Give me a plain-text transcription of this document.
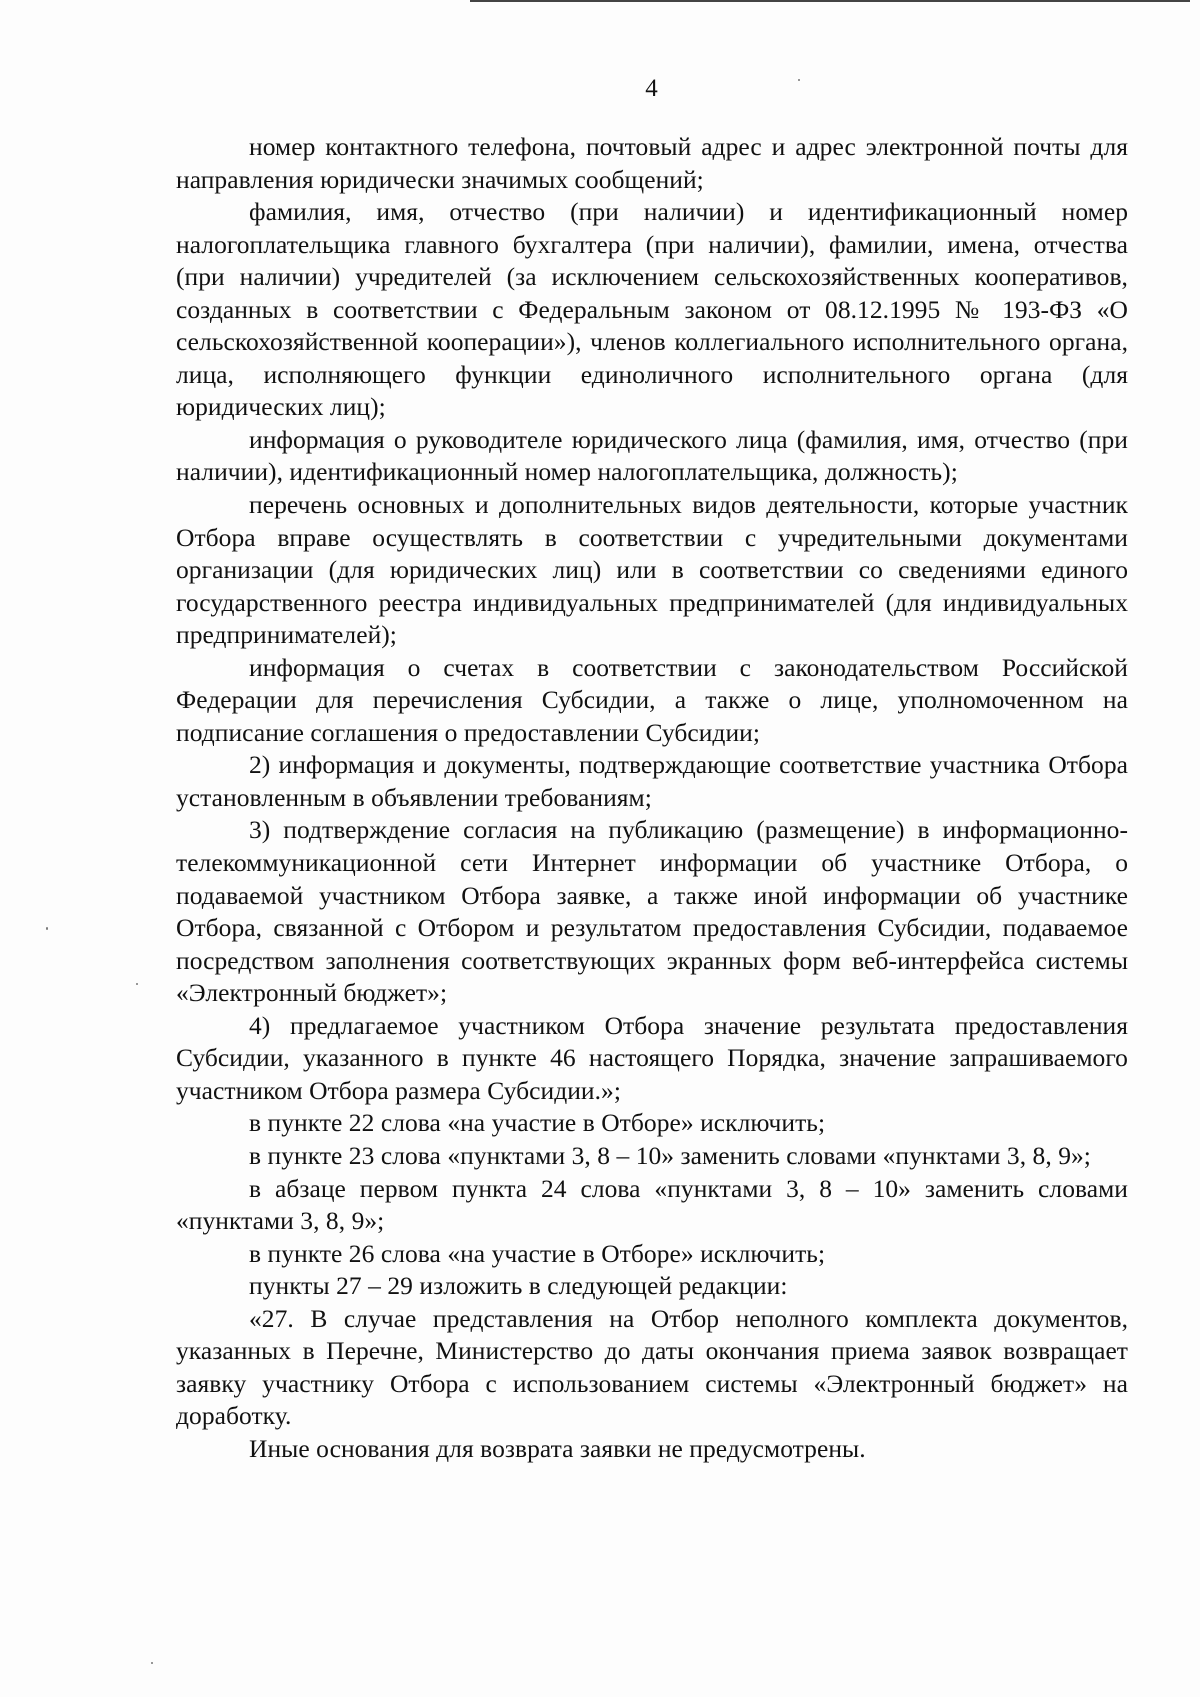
4

номер контактного телефона, почтовый адрес и адрес электронной почты для направления юридически значимых сообщений;

фамилия, имя, отчество (при наличии) и идентификационный номер налогоплательщика главного бухгалтера (при наличии), фамилии, имена, отчества (при наличии) учредителей (за исключением сельскохозяйственных кооперативов, созданных в соответствии с Федеральным законом от 08.12.1995 № 193-ФЗ «О сельскохозяйственной кооперации»), членов коллегиального исполнительного органа, лица, исполняющего функции единоличного исполнительного органа (для юридических лиц);

информация о руководителе юридического лица (фамилия, имя, отчество (при наличии), идентификационный номер налогоплательщика, должность);

перечень основных и дополнительных видов деятельности, которые участник Отбора вправе осуществлять в соответствии с учредительными документами организации (для юридических лиц) или в соответствии со сведениями единого государственного реестра индивидуальных предпринимателей (для индивидуальных предпринимателей);

информация о счетах в соответствии с законодательством Российской Федерации для перечисления Субсидии, а также о лице, уполномоченном на подписание соглашения о предоставлении Субсидии;

2) информация и документы, подтверждающие соответствие участника Отбора установленным в объявлении требованиям;

3) подтверждение согласия на публикацию (размещение) в информационно-телекоммуникационной сети Интернет информации об участнике Отбора, о подаваемой участником Отбора заявке, а также иной информации об участнике Отбора, связанной с Отбором и результатом предоставления Субсидии, подаваемое посредством заполнения соответствующих экранных форм веб-интерфейса системы «Электронный бюджет»;

4) предлагаемое участником Отбора значение результата предоставления Субсидии, указанного в пункте 46 настоящего Порядка, значение запрашиваемого участником Отбора размера Субсидии.»;

в пункте 22 слова «на участие в Отборе» исключить;

в пункте 23 слова «пунктами 3, 8 – 10» заменить словами «пунктами 3, 8, 9»;

в абзаце первом пункта 24 слова «пунктами 3, 8 – 10» заменить словами «пунктами 3, 8, 9»;

в пункте 26 слова «на участие в Отборе» исключить;

пункты 27 – 29 изложить в следующей редакции:

«27. В случае представления на Отбор неполного комплекта документов, указанных в Перечне, Министерство до даты окончания приема заявок возвращает заявку участнику Отбора с использованием системы «Электронный бюджет» на доработку.

Иные основания для возврата заявки не предусмотрены.
